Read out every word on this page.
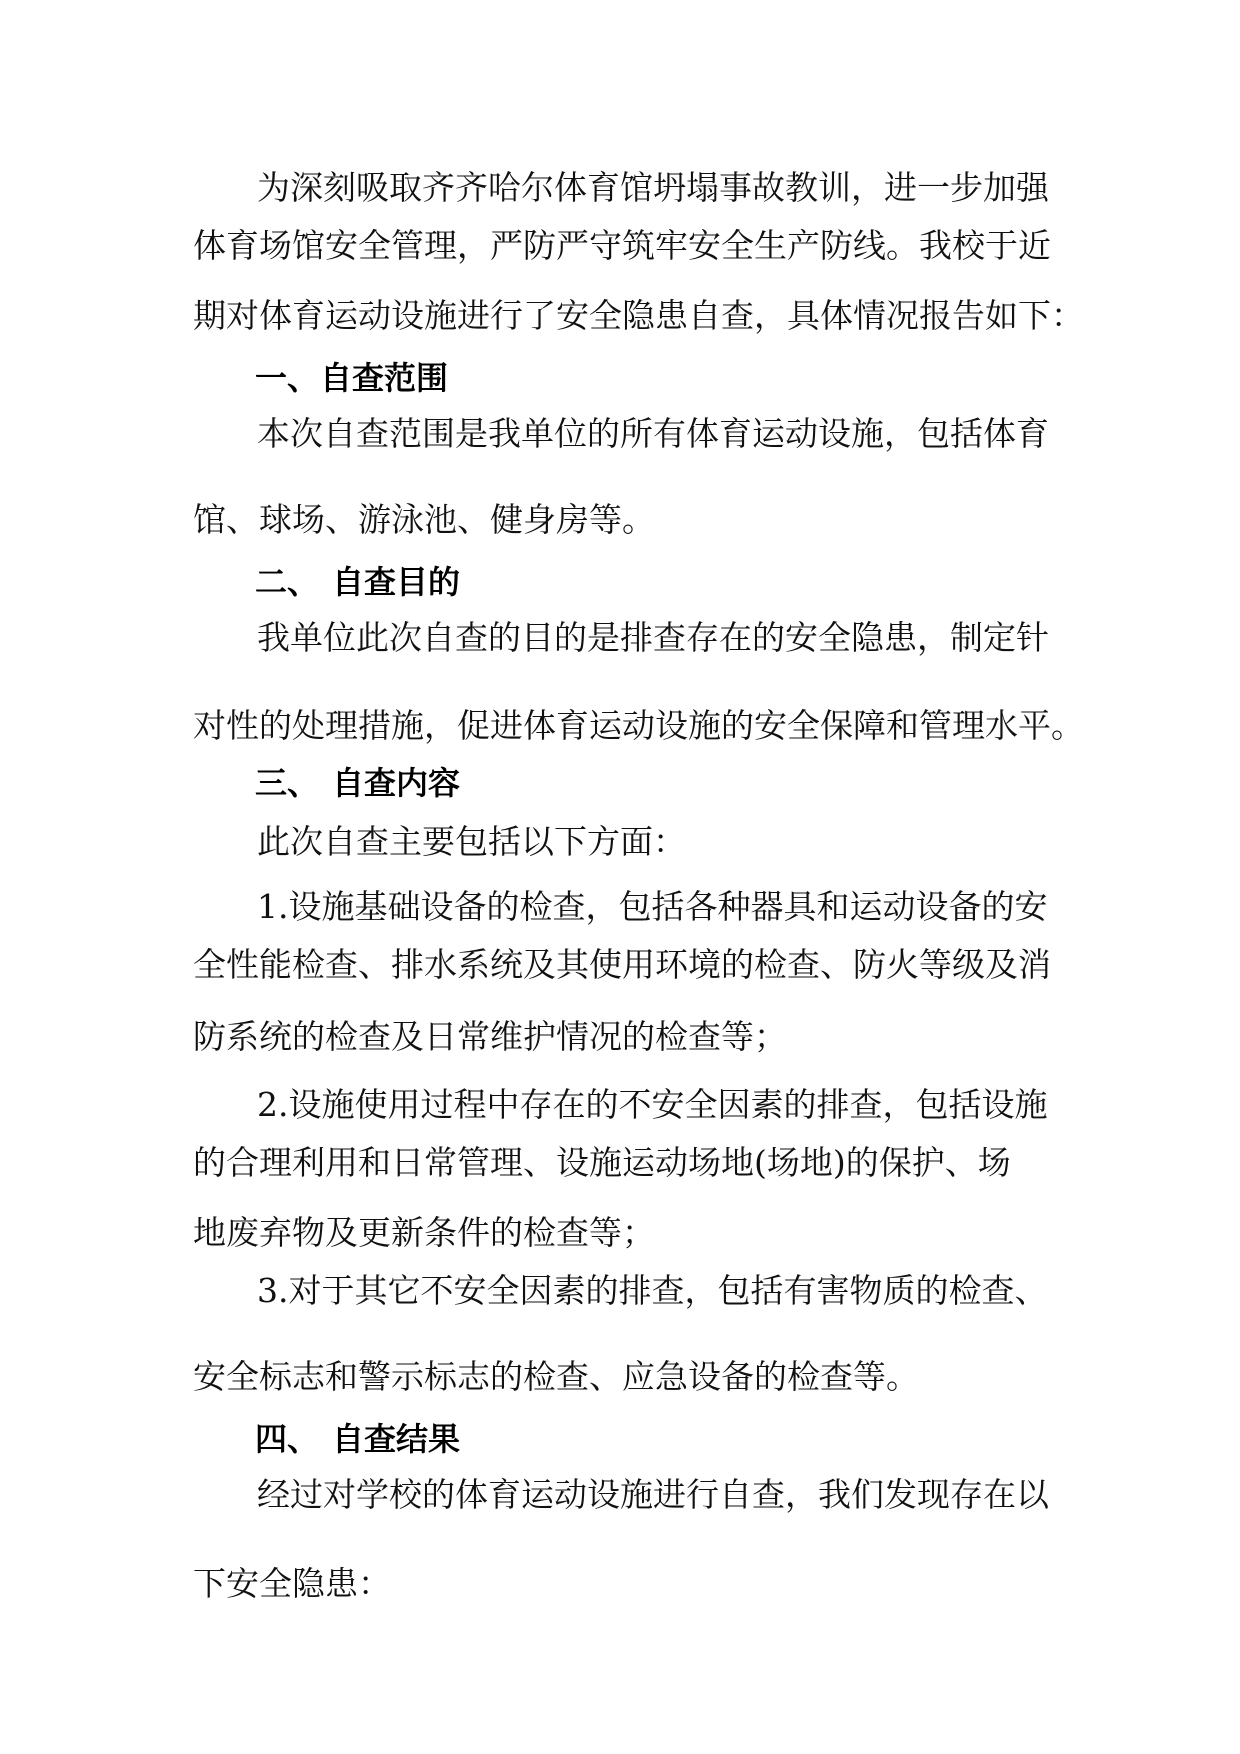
为深刻吸取齐齐哈尔体育馆坍塌事故教训，进一步加强
体育场馆安全管理，严防严守筑牢安全生产防线。我校于近
期对体育运动设施进行了安全隐患自查，具体情况报告如下：
一、 自查范围
本次自查范围是我单位的所有体育运动设施，包括体育
馆、球场、游泳池、健身房等。
二、 自查目的
我单位此次自查的目的是排查存在的安全隐患，制定针
对性的处理措施，促进体育运动设施的安全保障和管理水平。
三、 自查内容
此次自查主要包括以下方面：
1.设施基础设备的检查，包括各种器具和运动设备的安
全性能检查、排水系统及其使用环境的检查、防火等级及消
防系统的检查及日常维护情况的检查等；
2.设施使用过程中存在的不安全因素的排查，包括设施
的合理利用和日常管理、设施运动场地(场地)的保护、场
地废弃物及更新条件的检查等；
3.对于其它不安全因素的排查，包括有害物质的检查、
安全标志和警示标志的检查、应急设备的检查等。
四、 自查结果
经过对学校的体育运动设施进行自查，我们发现存在以
下安全隐患：
